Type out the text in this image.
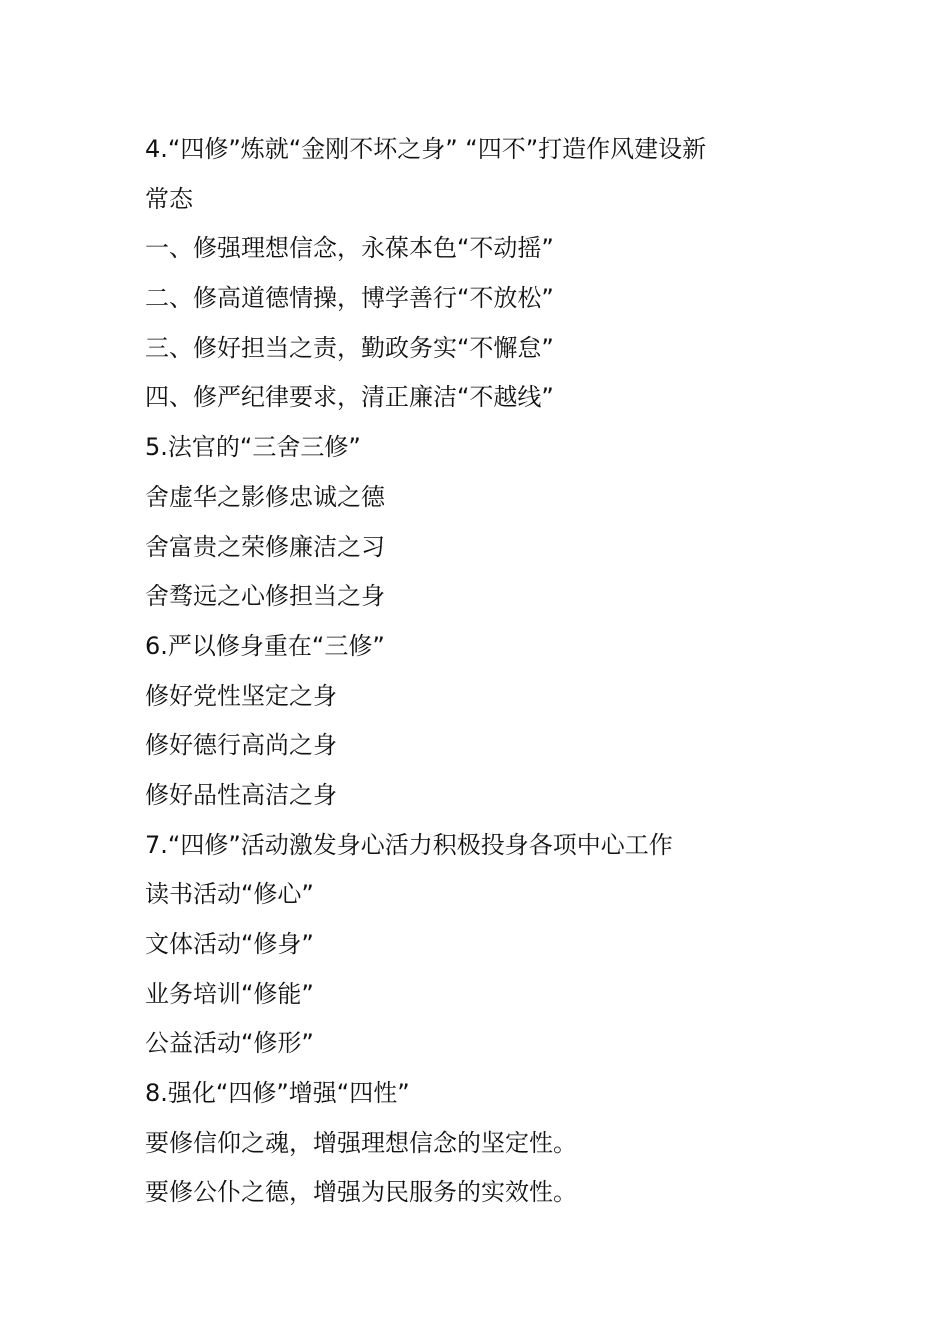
4.“四修”炼就“金刚不坏之身” “四不”打造作风建设新
常态
一、修强理想信念，永葆本色“不动摇”
二、修高道德情操，博学善行“不放松”
三、修好担当之责，勤政务实“不懈怠”
四、修严纪律要求，清正廉洁“不越线”
5.法官的“三舍三修”
舍虚华之影修忠诚之德
舍富贵之荣修廉洁之习
舍骛远之心修担当之身
6.严以修身重在“三修”
修好党性坚定之身
修好德行高尚之身
修好品性高洁之身
7.“四修”活动激发身心活力积极投身各项中心工作
读书活动“修心”
文体活动“修身”
业务培训“修能”
公益活动“修形”
8.强化“四修”增强“四性”
要修信仰之魂，增强理想信念的坚定性。
要修公仆之德，增强为民服务的实效性。
